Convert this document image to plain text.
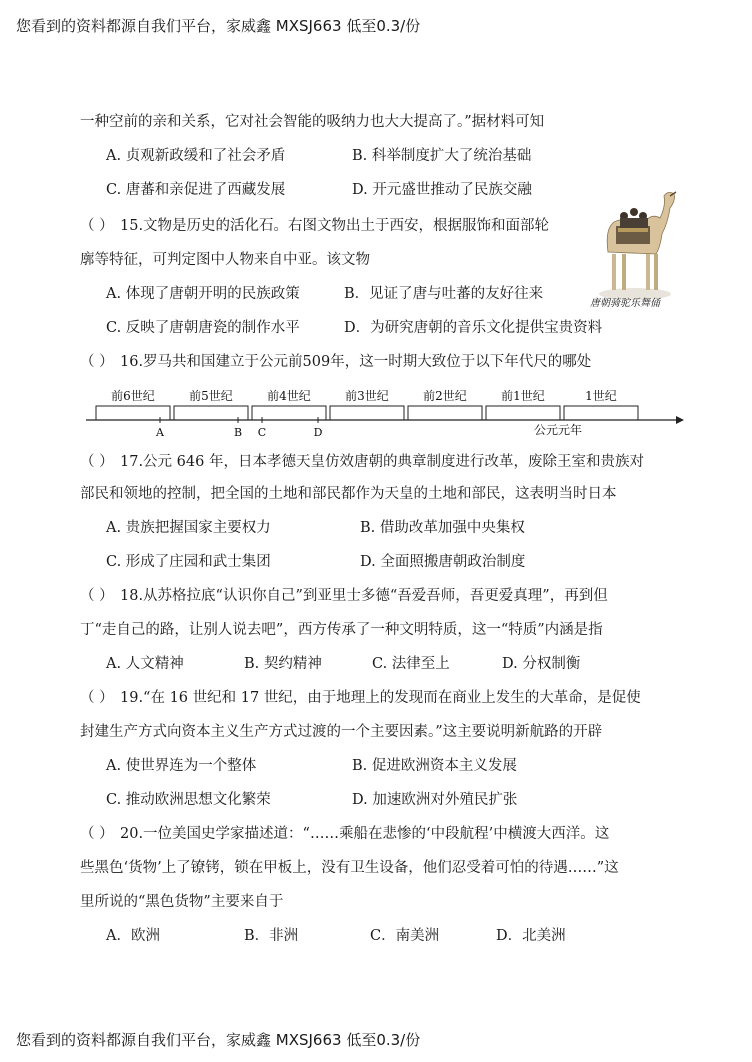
您看到的资料都源自我们平台，家威鑫 MXSJ663 低至0.3/份
一种空前的亲和关系，它对社会智能的吸纳力也大大提高了。”据材料可知
A. 贞观新政缓和了社会矛盾	B. 科举制度扩大了统治基础
C. 唐蕃和亲促进了西藏发展	D. 开元盛世推动了民族交融
（ ） 15.文物是历史的活化石。右图文物出土于西安，根据服饰和面部轮
廓等特征，可判定图中人物来自中亚。该文物
A. 体现了唐朝开明的民族政策	B．见证了唐与吐蕃的友好往来
C. 反映了唐朝唐瓷的制作水平	D．为研究唐朝的音乐文化提供宝贵资料
唐朝骑驼乐舞俑
（ ） 16.罗马共和国建立于公元前509年，这一时期大致位于以下年代尺的哪处
前6世纪	前5世纪	前4世纪	前3世纪	前2世纪	前1世纪	1世纪
A	B C	D	公元元年
（ ） 17.公元 646 年，日本孝德天皇仿效唐朝的典章制度进行改革，废除王室和贵族对
部民和领地的控制，把全国的土地和部民都作为天皇的土地和部民，这表明当时日本
A. 贵族把握国家主要权力	B. 借助改革加强中央集权
C. 形成了庄园和武士集团	D. 全面照搬唐朝政治制度
（ ） 18.从苏格拉底“认识你自己”到亚里士多德“吾爱吾师，吾更爱真理”，再到但
丁“走自己的路，让别人说去吧”，西方传承了一种文明特质，这一“特质”内涵是指
A. 人文精神	B. 契约精神	C. 法律至上	D. 分权制衡
（ ） 19.“在 16 世纪和 17 世纪，由于地理上的发现而在商业上发生的大革命，是促使
封建生产方式向资本主义生产方式过渡的一个主要因素。”这主要说明新航路的开辟
A. 使世界连为一个整体	B. 促进欧洲资本主义发展
C. 推动欧洲思想文化繁荣	D. 加速欧洲对外殖民扩张
（ ） 20.一位美国史学家描述道：“……乘船在悲惨的‘中段航程’中横渡大西洋。这
些黑色‘货物’上了镣铐，锁在甲板上，没有卫生设备，他们忍受着可怕的待遇……”这
里所说的“黑色货物”主要来自于
A．欧洲	B．非洲	C．南美洲	D．北美洲
您看到的资料都源自我们平台，家威鑫 MXSJ663 低至0.3/份
